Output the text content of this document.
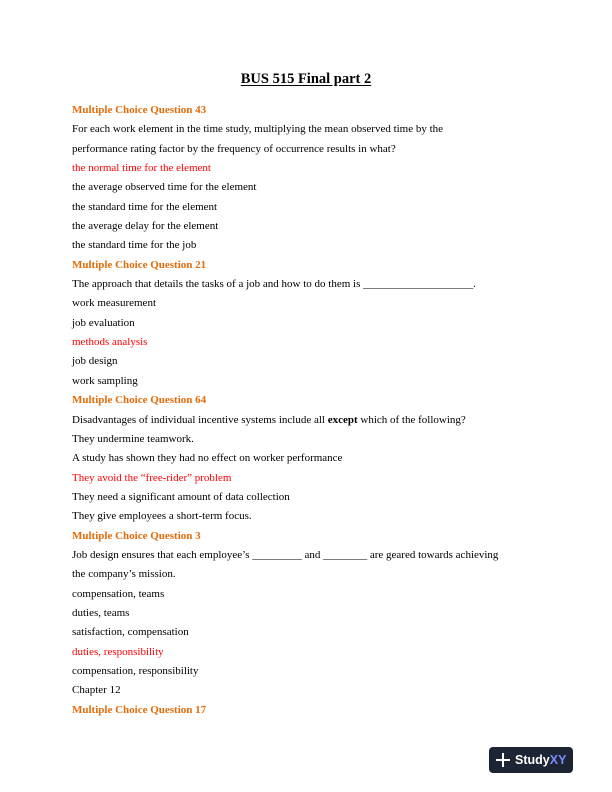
BUS 515 Final part 2
Multiple Choice Question 43
For each work element in the time study, multiplying the mean observed time by the
performance rating factor by the frequency of occurrence results in what?
the normal time for the element
the average observed time for the element
the standard time for the element
the average delay for the element
the standard time for the job
Multiple Choice Question 21
The approach that details the tasks of a job and how to do them is ____________________.
work measurement
job evaluation
methods analysis
job design
work sampling
Multiple Choice Question 64
Disadvantages of individual incentive systems include all except which of the following?
They undermine teamwork.
A study has shown they had no effect on worker performance
They avoid the “free-rider” problem
They need a significant amount of data collection
They give employees a short-term focus.
Multiple Choice Question 3
Job design ensures that each employee’s _________ and ________ are geared towards achieving
the company’s mission.
compensation, teams
duties, teams
satisfaction, compensation
duties, responsibility
compensation, responsibility
Chapter 12
Multiple Choice Question 17
Study XY
